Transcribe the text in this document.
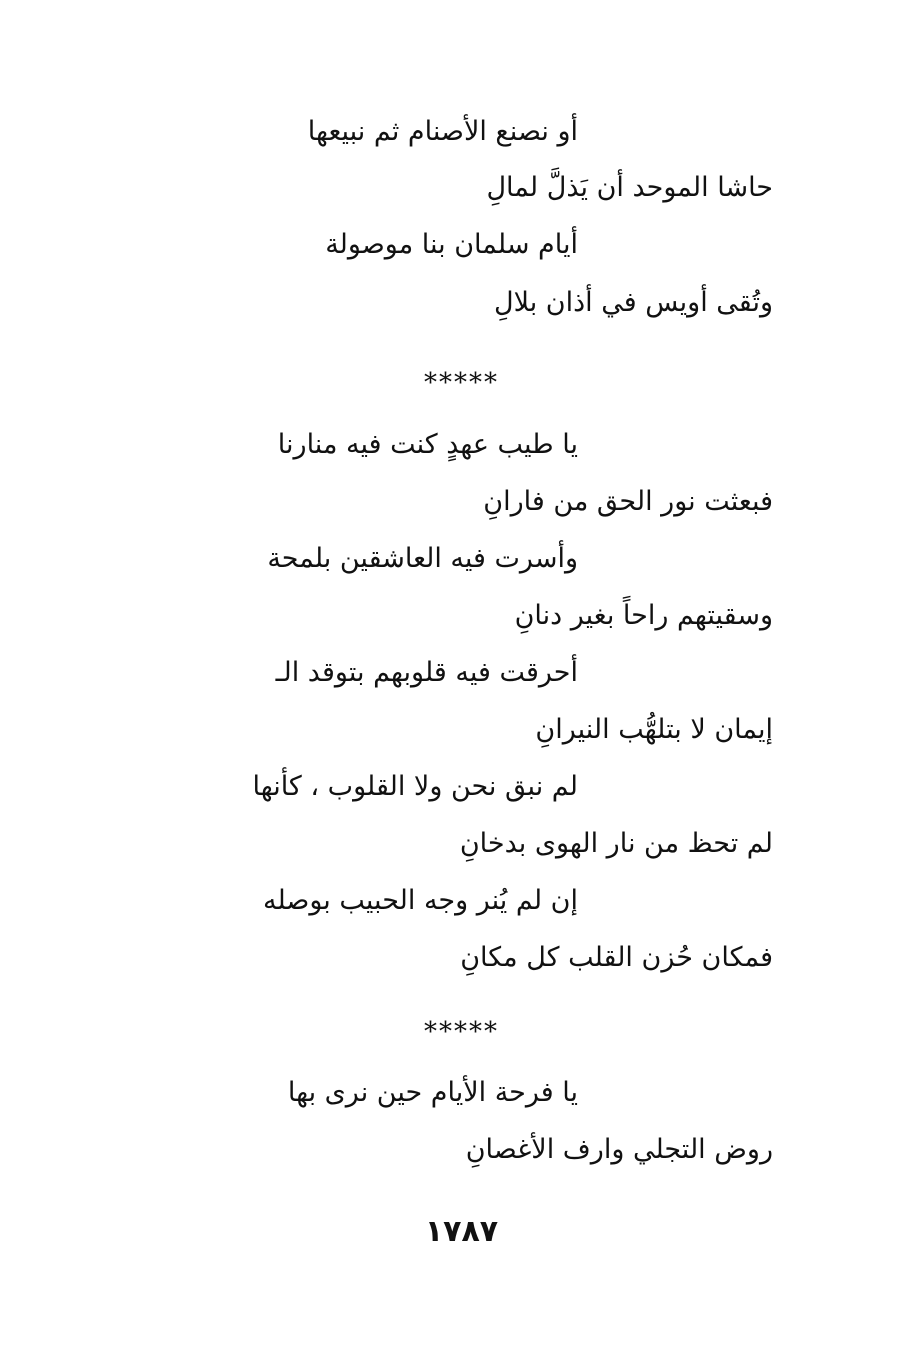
أو نصنع الأصنام ثم نبيعها
حاشا الموحد أن يَذلَّ لمالِ
أيام سلمان بنا موصولة
وتُقى أويس في أذان بلالِ
*****
يا طيب عهدٍ كنت فيه منارنا
فبعثت نور الحق من فارانِ
وأسرت فيه العاشقين بلمحة
وسقيتهم راحاً بغير دنانِ
أحرقت فيه قلوبهم بتوقد الـ
إيمان لا بتلهُّب النيرانِ
لم نبق نحن ولا القلوب ، كأنها
لم تحظ من نار الهوى بدخانِ
إن لم يُنر وجه الحبيب بوصله
فمكان حُزن القلب كل مكانِ
*****
يا فرحة الأيام حين نرى بها
روض التجلي وارف الأغصانِ
١٧٨٧
